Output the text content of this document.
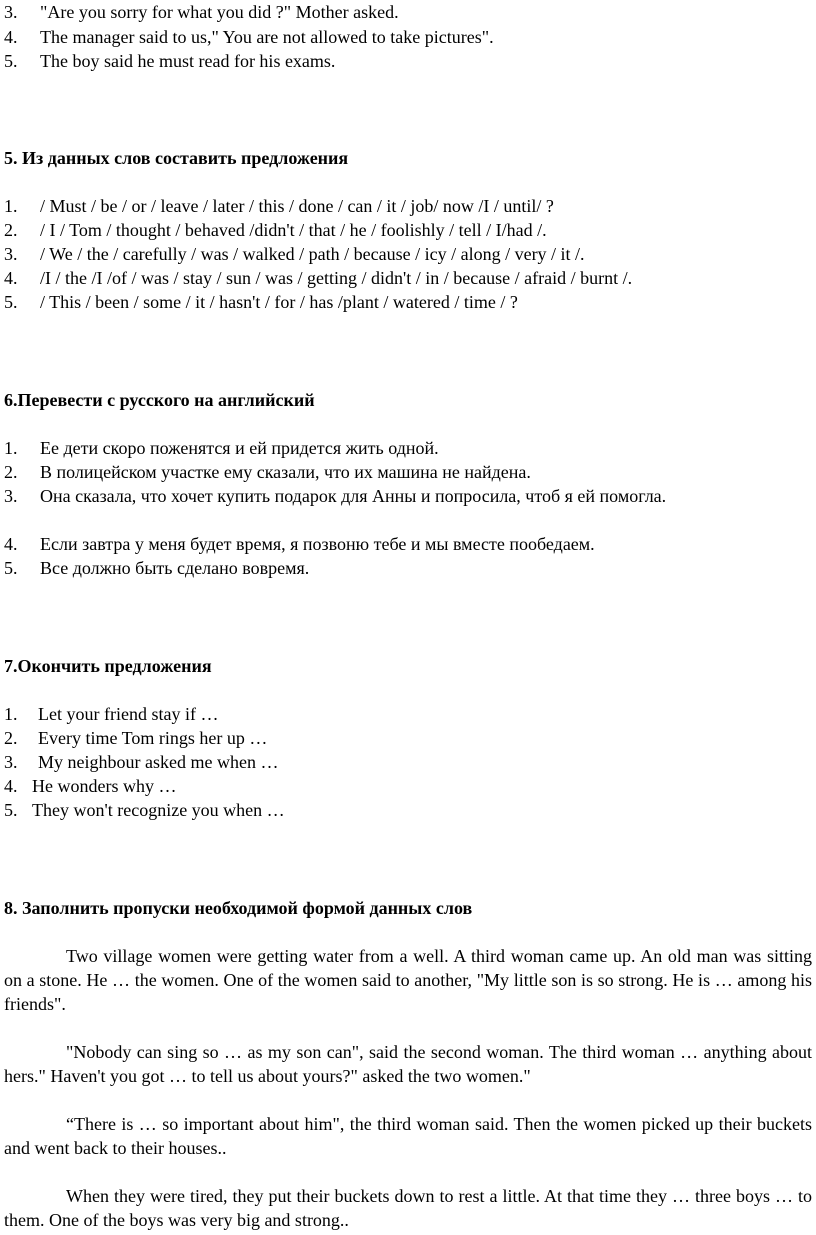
3. "Are you sorry for what you did ?" Mother asked.
4. The manager said to us," You are not allowed to take pictures".
5. The boy said he must read for his exams.
5. Из данных слов составить предложения
1. / Must / be / or / leave / later / this / done / can / it / job/ now /I / until/ ?
2. / I / Tom / thought / behaved /didn't / that / he / foolishly / tell / I/had /.
3. / We / the / carefully / was / walked / path / because / icy / along / very / it /.
4. /I / the /I /of / was / stay / sun / was / getting / didn't / in / because / afraid / burnt /.
5. / This / been / some / it / hasn't / for / has /plant / watered / time / ?
6.Перевести с русского на английский
1. Ее дети скоро поженятся и ей придется жить одной.
2. В полицейском участке ему сказали, что их машина не найдена.
3. Она сказала, что хочет купить подарок для Анны и попросила, чтоб я ей помогла.
4. Если завтра у меня будет время, я позвоню тебе и мы вместе пообедаем.
5. Все должно быть сделано вовремя.
7.Окончить предложения
1. Let your friend stay if …
2. Every time Tom rings her up …
3. My neighbour asked me when …
4. He wonders why …
5. They won't recognize you when …
8. Заполнить пропуски необходимой формой данных слов

Two village women were getting water from a well. A third woman came up. An old man was sitting on a stone. He … the women. One of the women said to another, "My little son is so strong. He is … among his friends".

"Nobody can sing so … as my son can", said the second woman. The third woman … anything about hers." Haven't you got … to tell us about yours?" asked the two women."

“There is … so important about him", the third woman said. Then the women picked up their buckets and went back to their houses..

When they were tired, they put their buckets down to rest a little. At that time they … three boys … to them. One of the boys was very big and strong..
